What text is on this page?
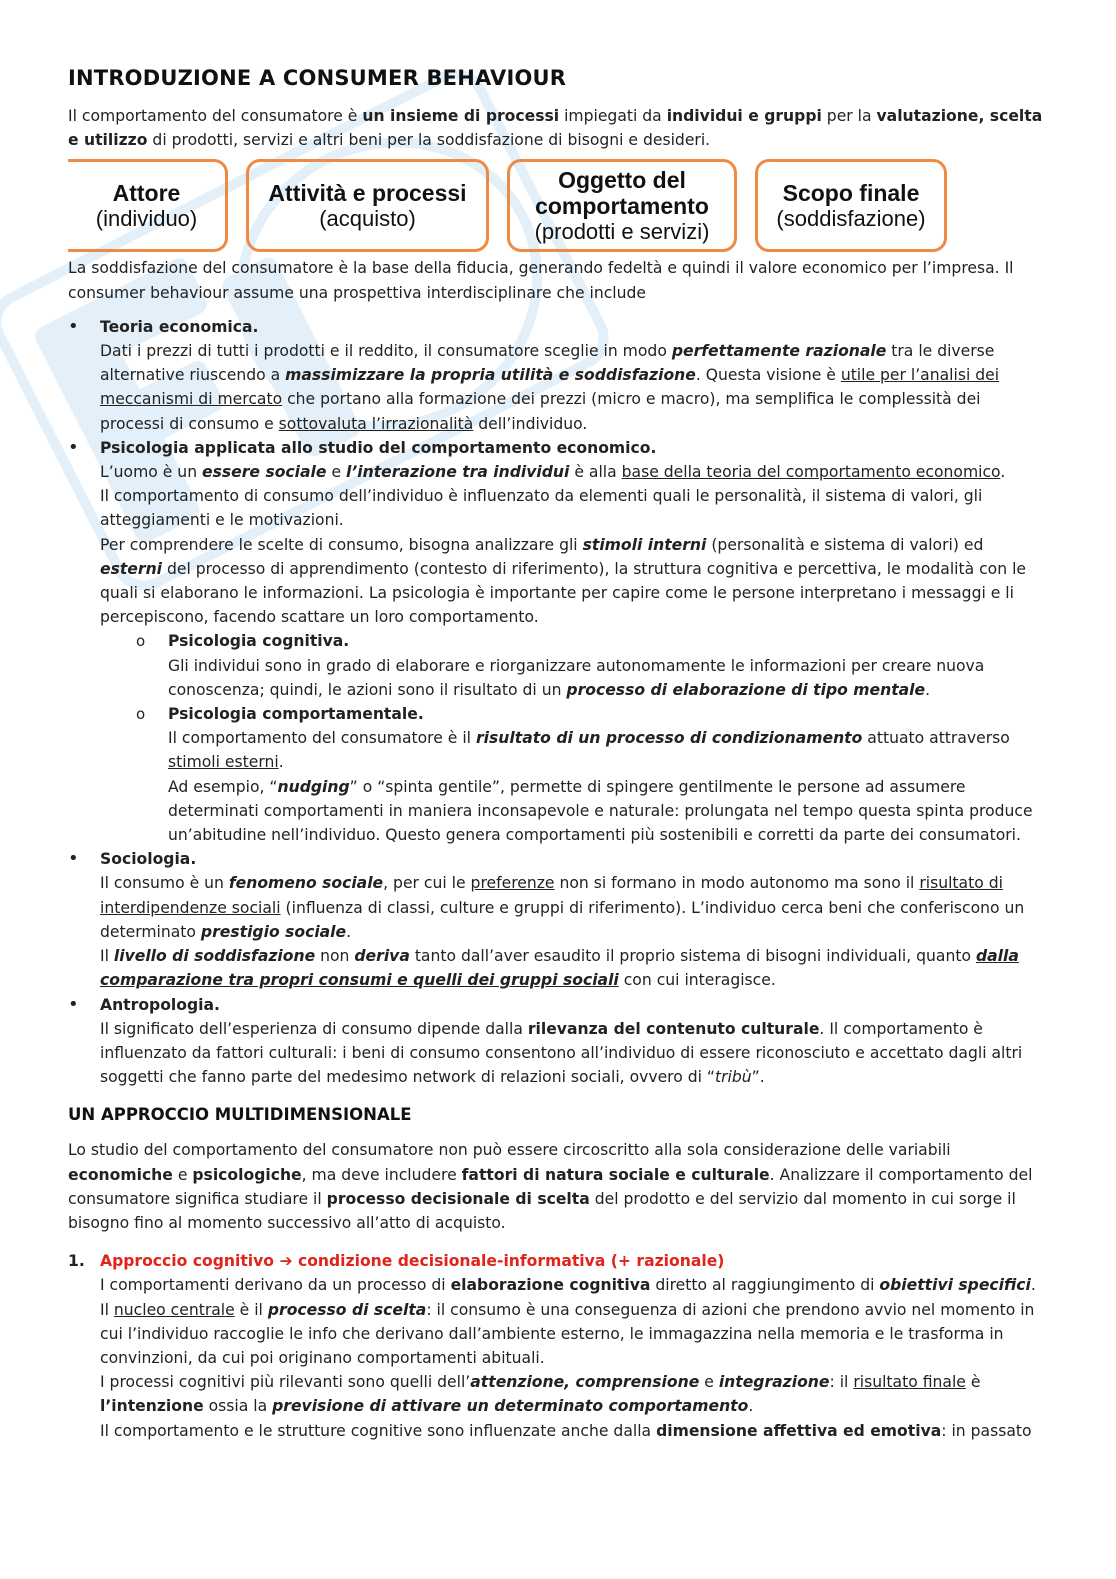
INTRODUZIONE A CONSUMER BEHAVIOUR

Il comportamento del consumatore è un insieme di processi impiegati da individui e gruppi per la valutazione, scelta e utilizzo di prodotti, servizi e altri beni per la soddisfazione di bisogni e desideri.

Attore
(individuo)
Attività e processi
(acquisto)
Oggetto del
comportamento
(prodotti e servizi)
Scopo finale
(soddisfazione)

La soddisfazione del consumatore è la base della fiducia, generando fedeltà e quindi il valore economico per l’impresa. Il consumer behaviour assume una prospettiva interdisciplinare che include

• Teoria economica.

Dati i prezzi di tutti i prodotti e il reddito, il consumatore sceglie in modo perfettamente razionale tra le diverse alternative riuscendo a massimizzare la propria utilità e soddisfazione. Questa visione è utile per l’analisi dei meccanismi di mercato che portano alla formazione dei prezzi (micro e macro), ma semplifica le complessità dei processi di consumo e sottovaluta l’irrazionalità dell’individuo.

• Psicologia applicata allo studio del comportamento economico.

L’uomo è un essere sociale e l’interazione tra individui è alla base della teoria del comportamento economico.

Il comportamento di consumo dell’individuo è influenzato da elementi quali le personalità, il sistema di valori, gli atteggiamenti e le motivazioni.

Per comprendere le scelte di consumo, bisogna analizzare gli stimoli interni (personalità e sistema di valori) ed esterni del processo di apprendimento (contesto di riferimento), la struttura cognitiva e percettiva, le modalità con le quali si elaborano le informazioni. La psicologia è importante per capire come le persone interpretano i messaggi e li percepiscono, facendo scattare un loro comportamento.

o Psicologia cognitiva.

Gli individui sono in grado di elaborare e riorganizzare autonomamente le informazioni per creare nuova conoscenza; quindi, le azioni sono il risultato di un processo di elaborazione di tipo mentale.

o Psicologia comportamentale.

Il comportamento del consumatore è il risultato di un processo di condizionamento attuato attraverso stimoli esterni.

Ad esempio, “nudging” o “spinta gentile”, permette di spingere gentilmente le persone ad assumere determinati comportamenti in maniera inconsapevole e naturale: prolungata nel tempo questa spinta produce un’abitudine nell’individuo. Questo genera comportamenti più sostenibili e corretti da parte dei consumatori.

• Sociologia.

Il consumo è un fenomeno sociale, per cui le preferenze non si formano in modo autonomo ma sono il risultato di interdipendenze sociali (influenza di classi, culture e gruppi di riferimento). L’individuo cerca beni che conferiscono un determinato prestigio sociale.

Il livello di soddisfazione non deriva tanto dall’aver esaudito il proprio sistema di bisogni individuali, quanto dalla comparazione tra propri consumi e quelli dei gruppi sociali con cui interagisce.

• Antropologia.

Il significato dell’esperienza di consumo dipende dalla rilevanza del contenuto culturale. Il comportamento è influenzato da fattori culturali: i beni di consumo consentono all’individuo di essere riconosciuto e accettato dagli altri soggetti che fanno parte del medesimo network di relazioni sociali, ovvero di “tribù”.

UN APPROCCIO MULTIDIMENSIONALE

Lo studio del comportamento del consumatore non può essere circoscritto alla sola considerazione delle variabili economiche e psicologiche, ma deve includere fattori di natura sociale e culturale. Analizzare il comportamento del consumatore significa studiare il processo decisionale di scelta del prodotto e del servizio dal momento in cui sorge il bisogno fino al momento successivo all’atto di acquisto.

1. Approccio cognitivo ➔ condizione decisionale-informativa (+ razionale)

I comportamenti derivano da un processo di elaborazione cognitiva diretto al raggiungimento di obiettivi specifici.

Il nucleo centrale è il processo di scelta: il consumo è una conseguenza di azioni che prendono avvio nel momento in cui l’individuo raccoglie le info che derivano dall’ambiente esterno, le immagazzina nella memoria e le trasforma in convinzioni, da cui poi originano comportamenti abituali.

I processi cognitivi più rilevanti sono quelli dell’attenzione, comprensione e integrazione: il risultato finale è l’intenzione ossia la previsione di attivare un determinato comportamento.

Il comportamento e le strutture cognitive sono influenzate anche dalla dimensione affettiva ed emotiva: in passato
